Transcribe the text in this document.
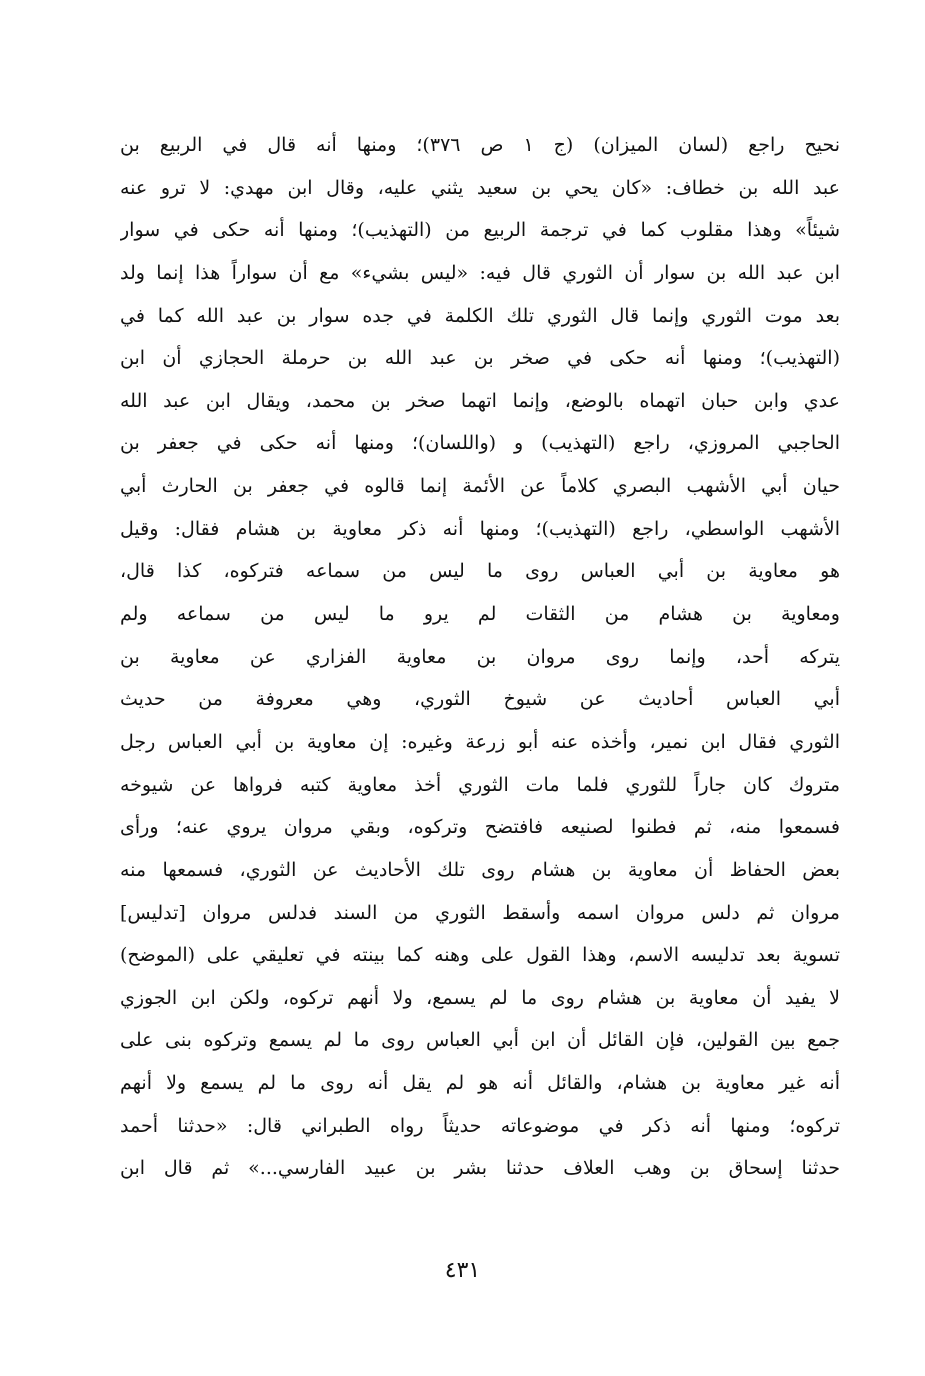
نحيح راجع (لسان الميزان) (ج ١ ص ٣٧٦)؛ ومنها أنه قال في الربيع بن
عبد الله بن خطاف: «كان يحي بن سعيد يثني عليه، وقال ابن مهدي: لا ترو عنه
شيئاً» وهذا مقلوب كما في ترجمة الربيع من (التهذيب)؛ ومنها أنه حكى في سوار
ابن عبد الله بن سوار أن الثوري قال فيه: «ليس بشيء» مع أن سواراً هذا إنما ولد
بعد موت الثوري وإنما قال الثوري تلك الكلمة في جده سوار بن عبد الله كما في
(التهذيب)؛ ومنها أنه حكى في صخر بن عبد الله بن حرملة الحجازي أن ابن
عدي وابن حبان اتهماه بالوضع، وإنما اتهما صخر بن محمد، ويقال ابن عبد الله
الحاجبي المروزي، راجع (التهذيب) و (واللسان)؛ ومنها أنه حكى في جعفر بن
حيان أبي الأشهب البصري كلاماً عن الأئمة إنما قالوه في جعفر بن الحارث أبي
الأشهب الواسطي، راجع (التهذيب)؛ ومنها أنه ذكر معاوية بن هشام فقال: وقيل
هو معاوية بن أبي العباس روى ما ليس من سماعه فتركوه، كذا قال،
ومعاوية بن هشام من الثقات لم يرو ما ليس من سماعه ولم
يتركه أحد، وإنما روى مروان بن معاوية الفزاري عن معاوية بن
أبي العباس أحاديث عن شيوخ الثوري، وهي معروفة من حديث
الثوري فقال ابن نمير، وأخذه عنه أبو زرعة وغيره: إن معاوية بن أبي العباس رجل
متروك كان جاراً للثوري فلما مات الثوري أخذ معاوية كتبه فرواها عن شيوخه
فسمعوا منه، ثم فطنوا لصنيعه فافتضح وتركوه، وبقي مروان يروي عنه؛ ورأى
بعض الحفاظ أن معاوية بن هشام روى تلك الأحاديث عن الثوري، فسمعها منه
مروان ثم دلس مروان اسمه وأسقط الثوري من السند فدلس مروان [تدليس]
تسوية بعد تدليسه الاسم، وهذا القول على وهنه كما بينته في تعليقي على (الموضح)
لا يفيد أن معاوية بن هشام روى ما لم يسمع، ولا أنهم تركوه، ولكن ابن الجوزي
جمع بين القولين، فإن القائل أن ابن أبي العباس روى ما لم يسمع وتركوه بنى على
أنه غير معاوية بن هشام، والقائل أنه هو لم يقل أنه روى ما لم يسمع ولا أنهم
تركوه؛ ومنها أنه ذكر في موضوعاته حديثاً رواه الطبراني قال: «حدثنا أحمد
حدثنا إسحاق بن وهب العلاف حدثنا بشر بن عبيد الفارسي...» ثم قال ابن
٤٣١
